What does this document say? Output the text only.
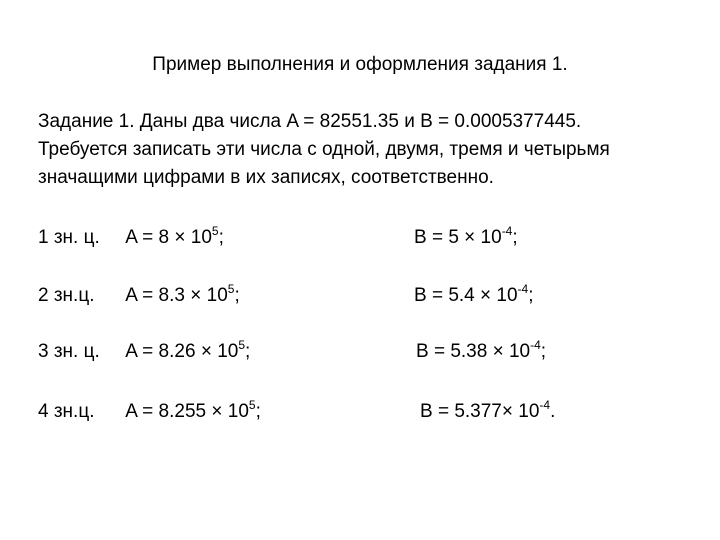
Пример выполнения и оформления задания 1.
Задание 1. Даны два числа A = 82551.35 и B = 0.0005377445.
Требуется записать эти числа с одной, двумя, тремя и четырьмя
значащими цифрами в их записях, соответственно.
1 зн. ц. $A = 8 \times 10^5$;	$B = 5 \times 10^{-4}$;
2 зн.ц. $A = 8.3 \times 10^5$;	$B = 5.4 \times 10^{-4}$;
3 зн. ц. $A = 8.26 \times 10^5$;	$B = 5.38 \times 10^{-4}$;
4 зн.ц. $A = 8.255 \times 10^5$;	$B = 5.377\times 10^{-4}$.
